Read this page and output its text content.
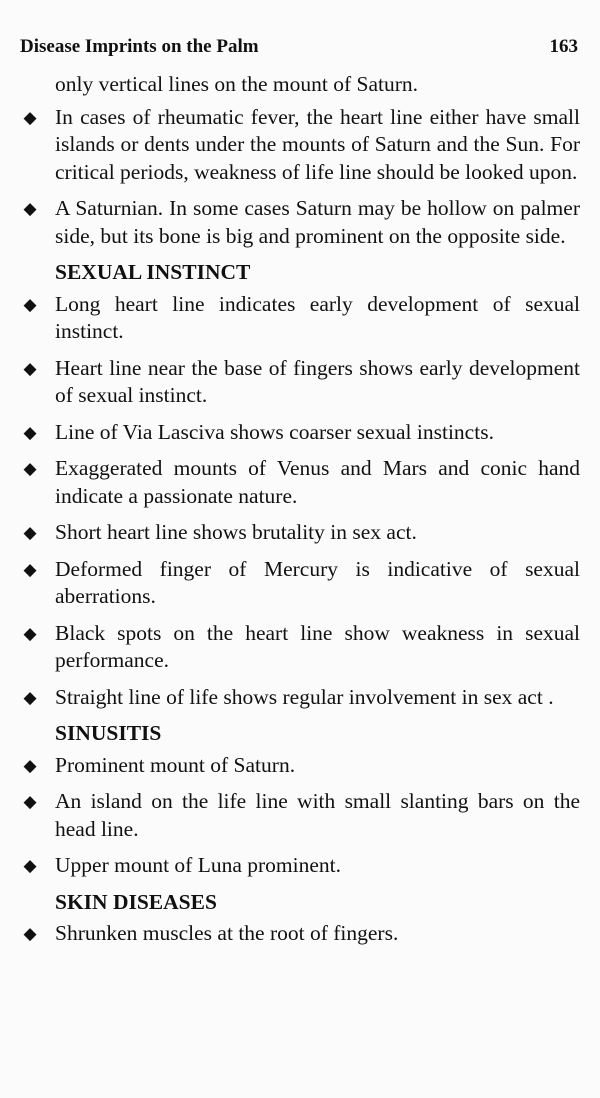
Disease Imprints on the Palm	163
only vertical lines on the mount of Saturn.
◆ In cases of rheumatic fever, the heart line either have small islands or dents under the mounts of Saturn and the Sun. For critical periods, weakness of life line should be looked upon.
◆ A Saturnian. In some cases Saturn may be hollow on palmer side, but its bone is big and prominent on the opposite side.
SEXUAL INSTINCT
◆ Long heart line indicates early development of sexual instinct.
◆ Heart line near the base of fingers shows early development of sexual instinct.
◆ Line of Via Lasciva shows coarser sexual instincts.
◆ Exaggerated mounts of Venus and Mars and conic hand indicate a passionate nature.
◆ Short heart line shows brutality in sex act.
◆ Deformed finger of Mercury is indicative of sexual aberrations.
◆ Black spots on the heart line show weakness in sexual performance.
◆ Straight line of life shows regular involvement in sex act .
SINUSITIS
◆ Prominent mount of Saturn.
◆ An island on the life line with small slanting bars on the head line.
◆ Upper mount of Luna prominent.
SKIN DISEASES
◆ Shrunken muscles at the root of fingers.
